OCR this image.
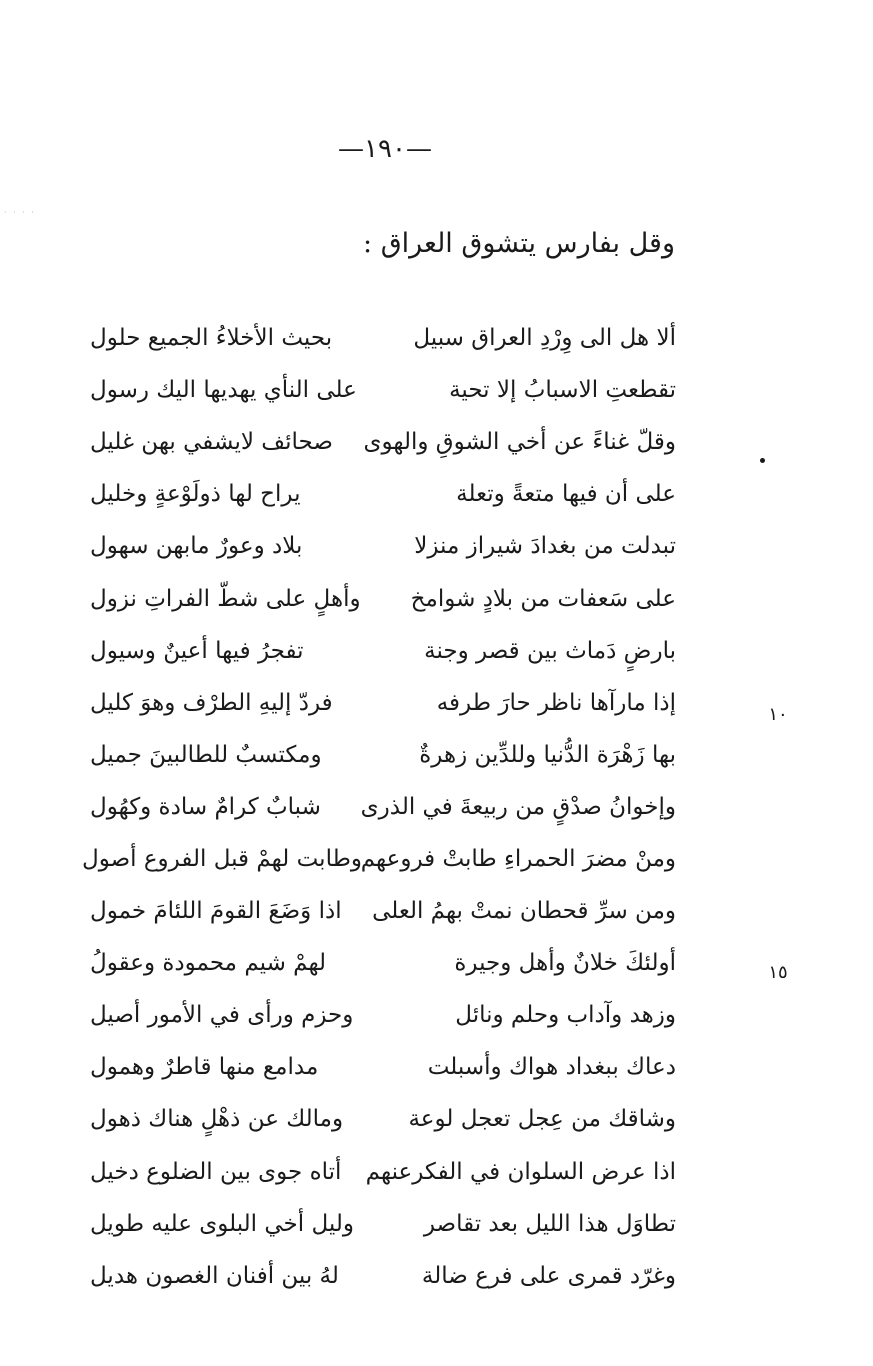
· · · ·
—١٩٠—
وقل بفارس يتشوق العراق :
١٠
١٥
ألا هل الى وِرْدِ العراق سبيل
بحيث الأخلاءُ الجميع حلول
تقطعتِ الاسبابُ إلا تحية
على النأي يهديها اليك رسول
وقلّ غناءً عن أخي الشوقِ والهوى
صحائف لايشفي بهن غليل
على أن فيها متعةً وتعلة
يراح لها ذولَوْعةٍ وخليل
تبدلت من بغدادَ شيراز منزلا
بلاد وعورٌ مابهن سهول
على سَعفات من بلادٍ شوامخ
وأهلٍ على شطّ الفراتِ نزول
بارضٍ دَماث بين قصر وجنة
تفجرُ فيها أعينٌ وسيول
إذا مارآها ناظر حارَ طرفه
فردّ إليهِ الطرْف وهوَ كليل
بها زَهْرَة الدُّنيا وللدِّين زهرةٌ
ومكتسبٌ للطالبينَ جميل
وإخوانُ صدْقٍ من ربيعةَ في الذرى
شبابٌ كرامٌ سادة وكهُول
ومنْ مضرَ الحمراءِ طابتْ فروعهم
وطابت لهمْ قبل الفروع أصول
ومن سرِّ قحطان نمتْ بهمُ العلى
اذا وَضَعَ القومَ اللئامَ خمول
أولئكَ خلانٌ وأهل وجيرة
لهمْ شيم محمودة وعقولُ
وزهد وآداب وحلم ونائل
وحزم ورأى في الأمور أصيل
دعاك ببغداد هواك وأسبلت
مدامع منها قاطرٌ وهمول
وشاقك من عِجل تعجل لوعة
ومالك عن ذهْلٍ هناك ذهول
اذا عرض السلوان في الفكرعنهم
أتاه جوى بين الضلوع دخيل
تطاوَل هذا الليل بعد تقاصر
وليل أخي البلوى عليه طويل
وغرّد قمرى على فرع ضالة
لهُ بين أفنان الغصون هديل
